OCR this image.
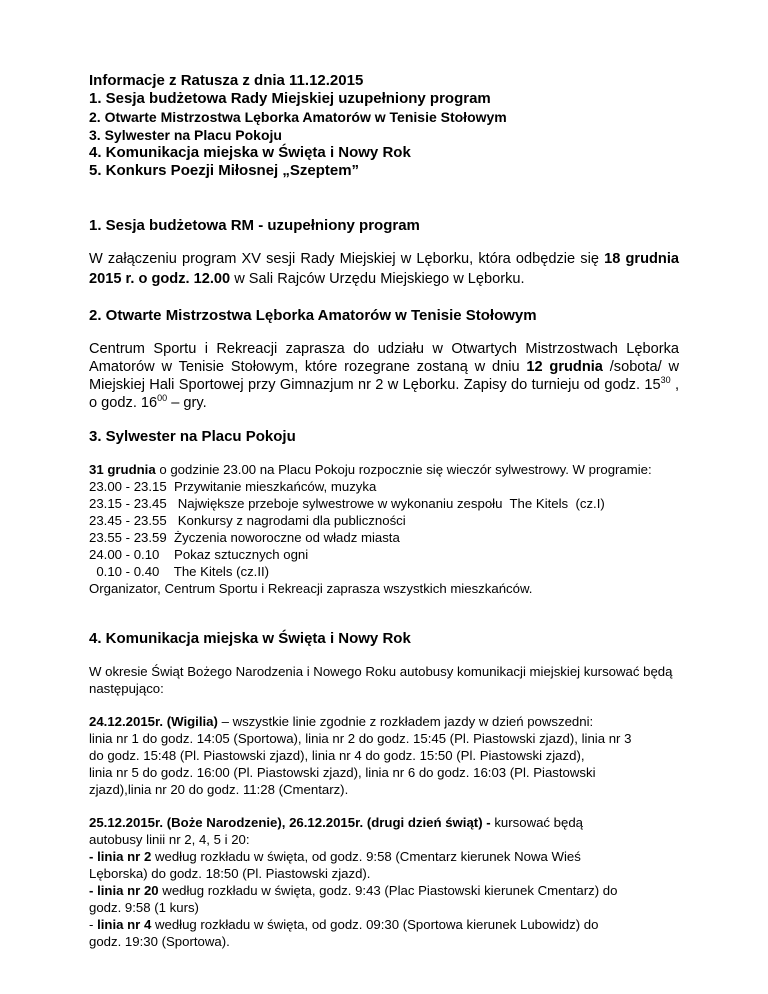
Informacje z Ratusza z dnia 11.12.2015
1. Sesja budżetowa Rady Miejskiej uzupełniony program
2. Otwarte Mistrzostwa Lęborka Amatorów w Tenisie Stołowym
3. Sylwester na Placu Pokoju
4. Komunikacja miejska w Święta i Nowy Rok
5. Konkurs Poezji Miłosnej „Szeptem”
1. Sesja budżetowa RM - uzupełniony program

W załączeniu program XV sesji Rady Miejskiej w Lęborku, która odbędzie się 18 grudnia 2015 r. o godz. 12.00 w Sali Rajców Urzędu Miejskiego w Lęborku.

2. Otwarte Mistrzostwa Lęborka Amatorów w Tenisie Stołowym

Centrum Sportu i Rekreacji zaprasza do udziału w Otwartych Mistrzostwach Lęborka Amatorów w Tenisie Stołowym, które rozegrane zostaną w dniu 12 grudnia /sobota/ w Miejskiej Hali Sportowej przy Gimnazjum nr 2 w Lęborku. Zapisy do turnieju od godz. $15^{30}$ , o godz. $16^{00}$ – gry.

3. Sylwester na Placu Pokoju

31 grudnia o godzinie 23.00 na Placu Pokoju rozpocznie się wieczór sylwestrowy. W programie:

23.00 - 23.15  Przywitanie mieszkańców, muzyka
23.15 - 23.45   Największe przeboje sylwestrowe w wykonaniu zespołu  The Kitels  (cz.I)
23.45 - 23.55   Konkursy z nagrodami dla publiczności
23.55 - 23.59  Życzenia noworoczne od władz miasta
24.00 - 0.10    Pokaz sztucznych ogni
0.10 - 0.40    The Kitels (cz.II)

Organizator, Centrum Sportu i Rekreacji zaprasza wszystkich mieszkańców.

4. Komunikacja miejska w Święta i Nowy Rok

W okresie Świąt Bożego Narodzenia i Nowego Roku autobusy komunikacji miejskiej kursować będą następująco:

24.12.2015r. (Wigilia) – wszystkie linie zgodnie z rozkładem jazdy w dzień powszedni:
linia nr 1 do godz. 14:05 (Sportowa), linia nr 2 do godz. 15:45 (Pl. Piastowski zjazd), linia nr 3
do godz. 15:48 (Pl. Piastowski zjazd), linia nr 4 do godz. 15:50 (Pl. Piastowski zjazd),
linia nr 5 do godz. 16:00 (Pl. Piastowski zjazd), linia nr 6 do godz. 16:03 (Pl. Piastowski
zjazd),linia nr 20 do godz. 11:28 (Cmentarz).
25.12.2015r. (Boże Narodzenie), 26.12.2015r. (drugi dzień świąt) - kursować będą
autobusy linii nr 2, 4, 5 i 20:
- linia nr 2 według rozkładu w święta, od godz. 9:58 (Cmentarz kierunek Nowa Wieś
Lęborska) do godz. 18:50 (Pl. Piastowski zjazd).
- linia nr 20 według rozkładu w święta, godz. 9:43 (Plac Piastowski kierunek Cmentarz) do
godz. 9:58 (1 kurs)
- linia nr 4 według rozkładu w święta, od godz. 09:30 (Sportowa kierunek Lubowidz) do
godz. 19:30 (Sportowa).
